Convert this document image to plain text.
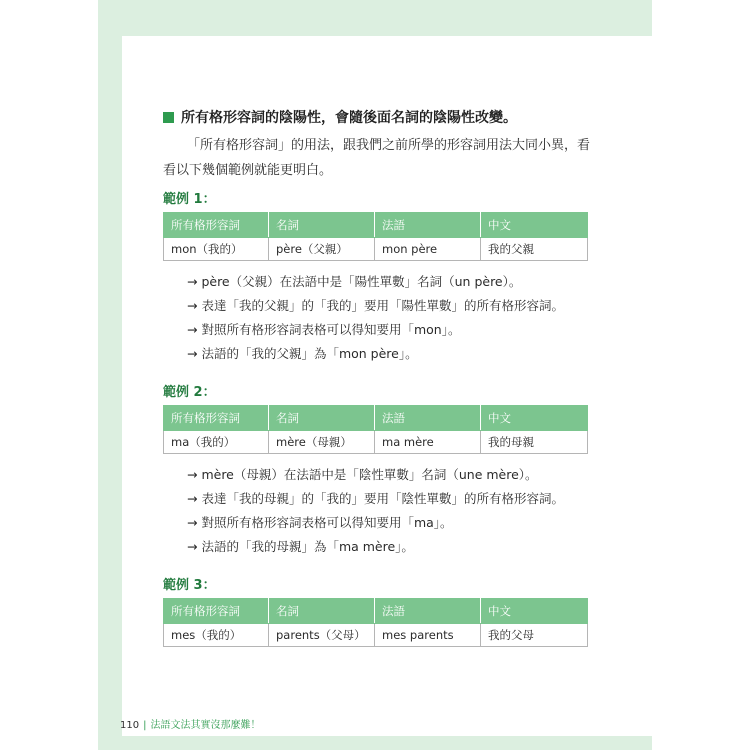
所有格形容詞的陰陽性，會隨後面名詞的陰陽性改變。
「所有格形容詞」的用法，跟我們之前所學的形容詞用法大同小異，看
看以下幾個範例就能更明白。
範例 1：
所有格形容詞	名詞	法語	中文
mon（我的）	père（父親）	mon père	我的父親
→ père（父親）在法語中是「陽性單數」名詞（un père）。
→ 表達「我的父親」的「我的」要用「陽性單數」的所有格形容詞。
→ 對照所有格形容詞表格可以得知要用「mon」。
→ 法語的「我的父親」為「mon père」。
範例 2：
所有格形容詞	名詞	法語	中文
ma（我的）	mère（母親）	ma mère	我的母親
→ mère（母親）在法語中是「陰性單數」名詞（une mère）。
→ 表達「我的母親」的「我的」要用「陰性單數」的所有格形容詞。
→ 對照所有格形容詞表格可以得知要用「ma」。
→ 法語的「我的母親」為「ma mère」。
範例 3：
所有格形容詞	名詞	法語	中文
mes（我的）	parents（父母）	mes parents	我的父母
110 | 法語文法其實沒那麼難！
